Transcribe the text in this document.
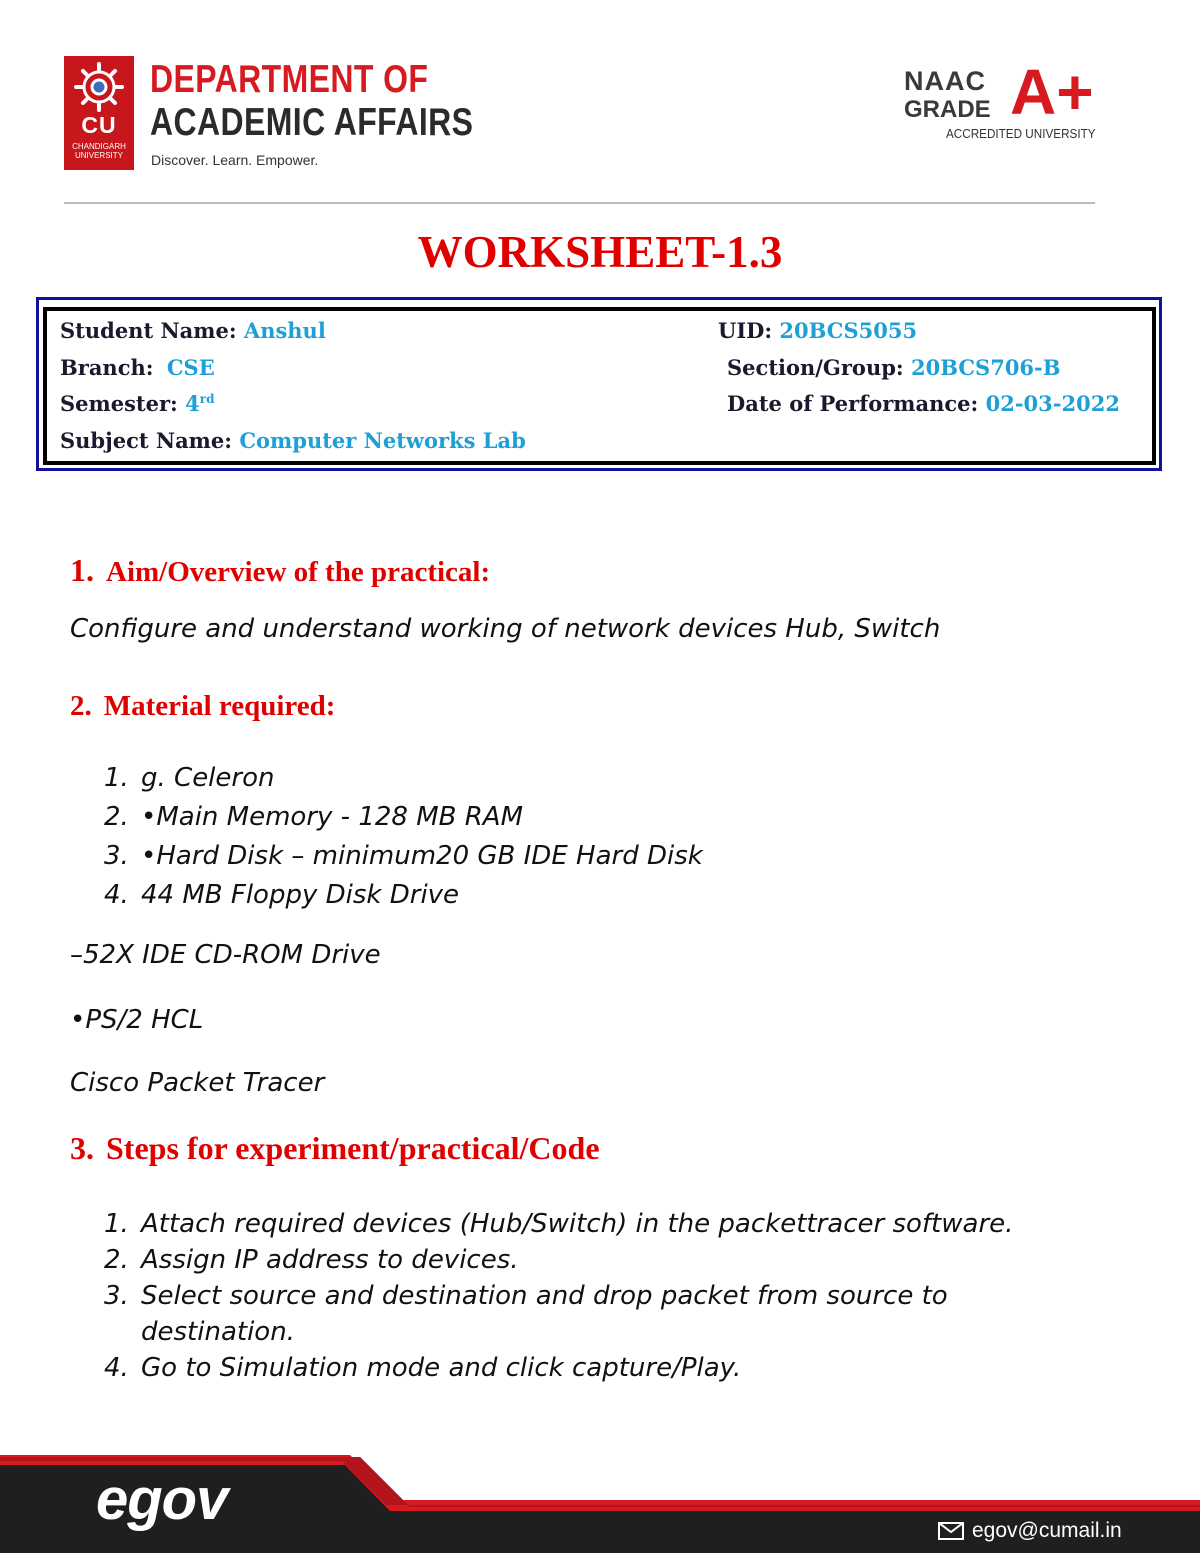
CU
CHANDIGARH UNIVERSITY
DEPARTMENT OF
ACADEMIC AFFAIRS
Discover. Learn. Empower.
NAAC
GRADE A+
ACCREDITED UNIVERSITY
WORKSHEET-1.3
Student Name: Anshul	UID: 20BCS5055
Branch: CSE	Section/Group: 20BCS706-B
Semester: 4rd	Date of Performance: 02-03-2022
Subject Name: Computer Networks Lab
1. Aim/Overview of the practical:
Configure and understand working of network devices Hub, Switch
2. Material required:
1. g. Celeron
2. •Main Memory - 128 MB RAM
3. •Hard Disk – minimum20 GB IDE Hard Disk
4. 44 MB Floppy Disk Drive
–52X IDE CD-ROM Drive
•PS/2 HCL
Cisco Packet Tracer
3. Steps for experiment/practical/Code
1. Attach required devices (Hub/Switch) in the packettracer software.
2. Assign IP address to devices.
3. Select source and destination and drop packet from source to destination.
4. Go to Simulation mode and click capture/Play.
egov	egov@cumail.in
